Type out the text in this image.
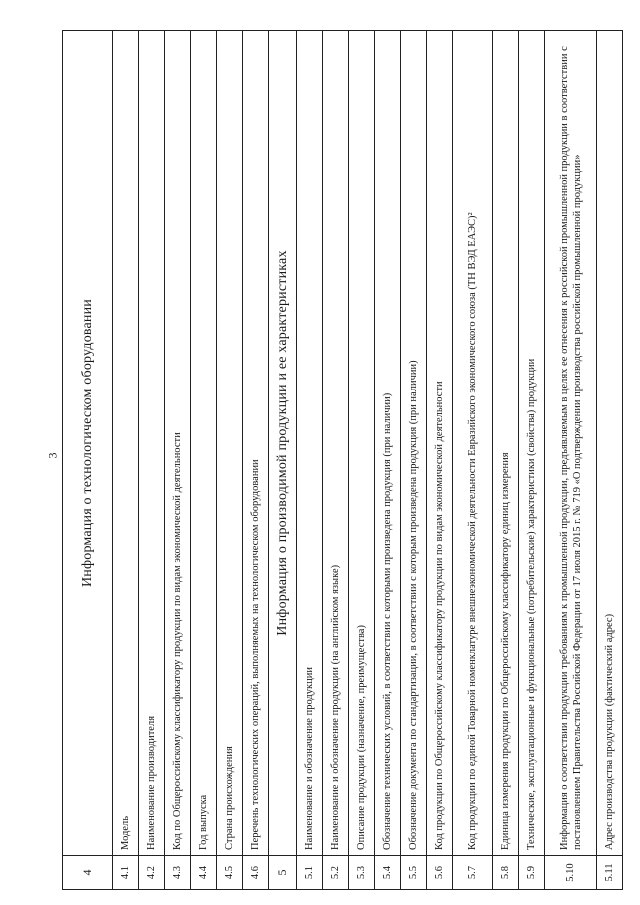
3
4	Информация о технологическом оборудовании
4.1	Модель
4.2	Наименование производителя
4.3	Код по Общероссийскому классификатору продукции по видам экономической деятельности
4.4	Год выпуска
4.5	Страна происхождения
4.6	Перечень технологических операций, выполняемых на технологическом оборудовании
5	Информация о производимой продукции и ее характеристиках
5.1	Наименование и обозначение продукции
5.2	Наименование и обозначение продукции (на английском языке)
5.3	Описание продукции (назначение, преимущества)
5.4	Обозначение технических условий, в соответствии с которыми произведена продукция (при наличии)
5.5	Обозначение документа по стандартизации, в соответствии с которым произведена продукция (при наличии)
5.6	Код продукции по Общероссийскому классификатору продукции по видам экономической деятельности
5.7	Код продукции по единой Товарной номенклатуре внешнеэкономической деятельности Евразийского экономического союза (ТН ВЭД ЕАЭС)²
5.8	Единица измерения продукции по Общероссийскому классификатору единиц измерения
5.9	Технические, эксплуатационные и функциональные (потребительские) характеристики (свойства) продукции
5.10	Информация о соответствии продукции требованиям к промышленной продукции, предъявляемым в целях ее отнесения к российской промышленной продукции в соответствии с постановлением Правительства Российской Федерации от 17 июля 2015 г. № 719 «О подтверждении производства российской промышленной продукции»
5.11	Адрес производства продукции (фактический адрес)
